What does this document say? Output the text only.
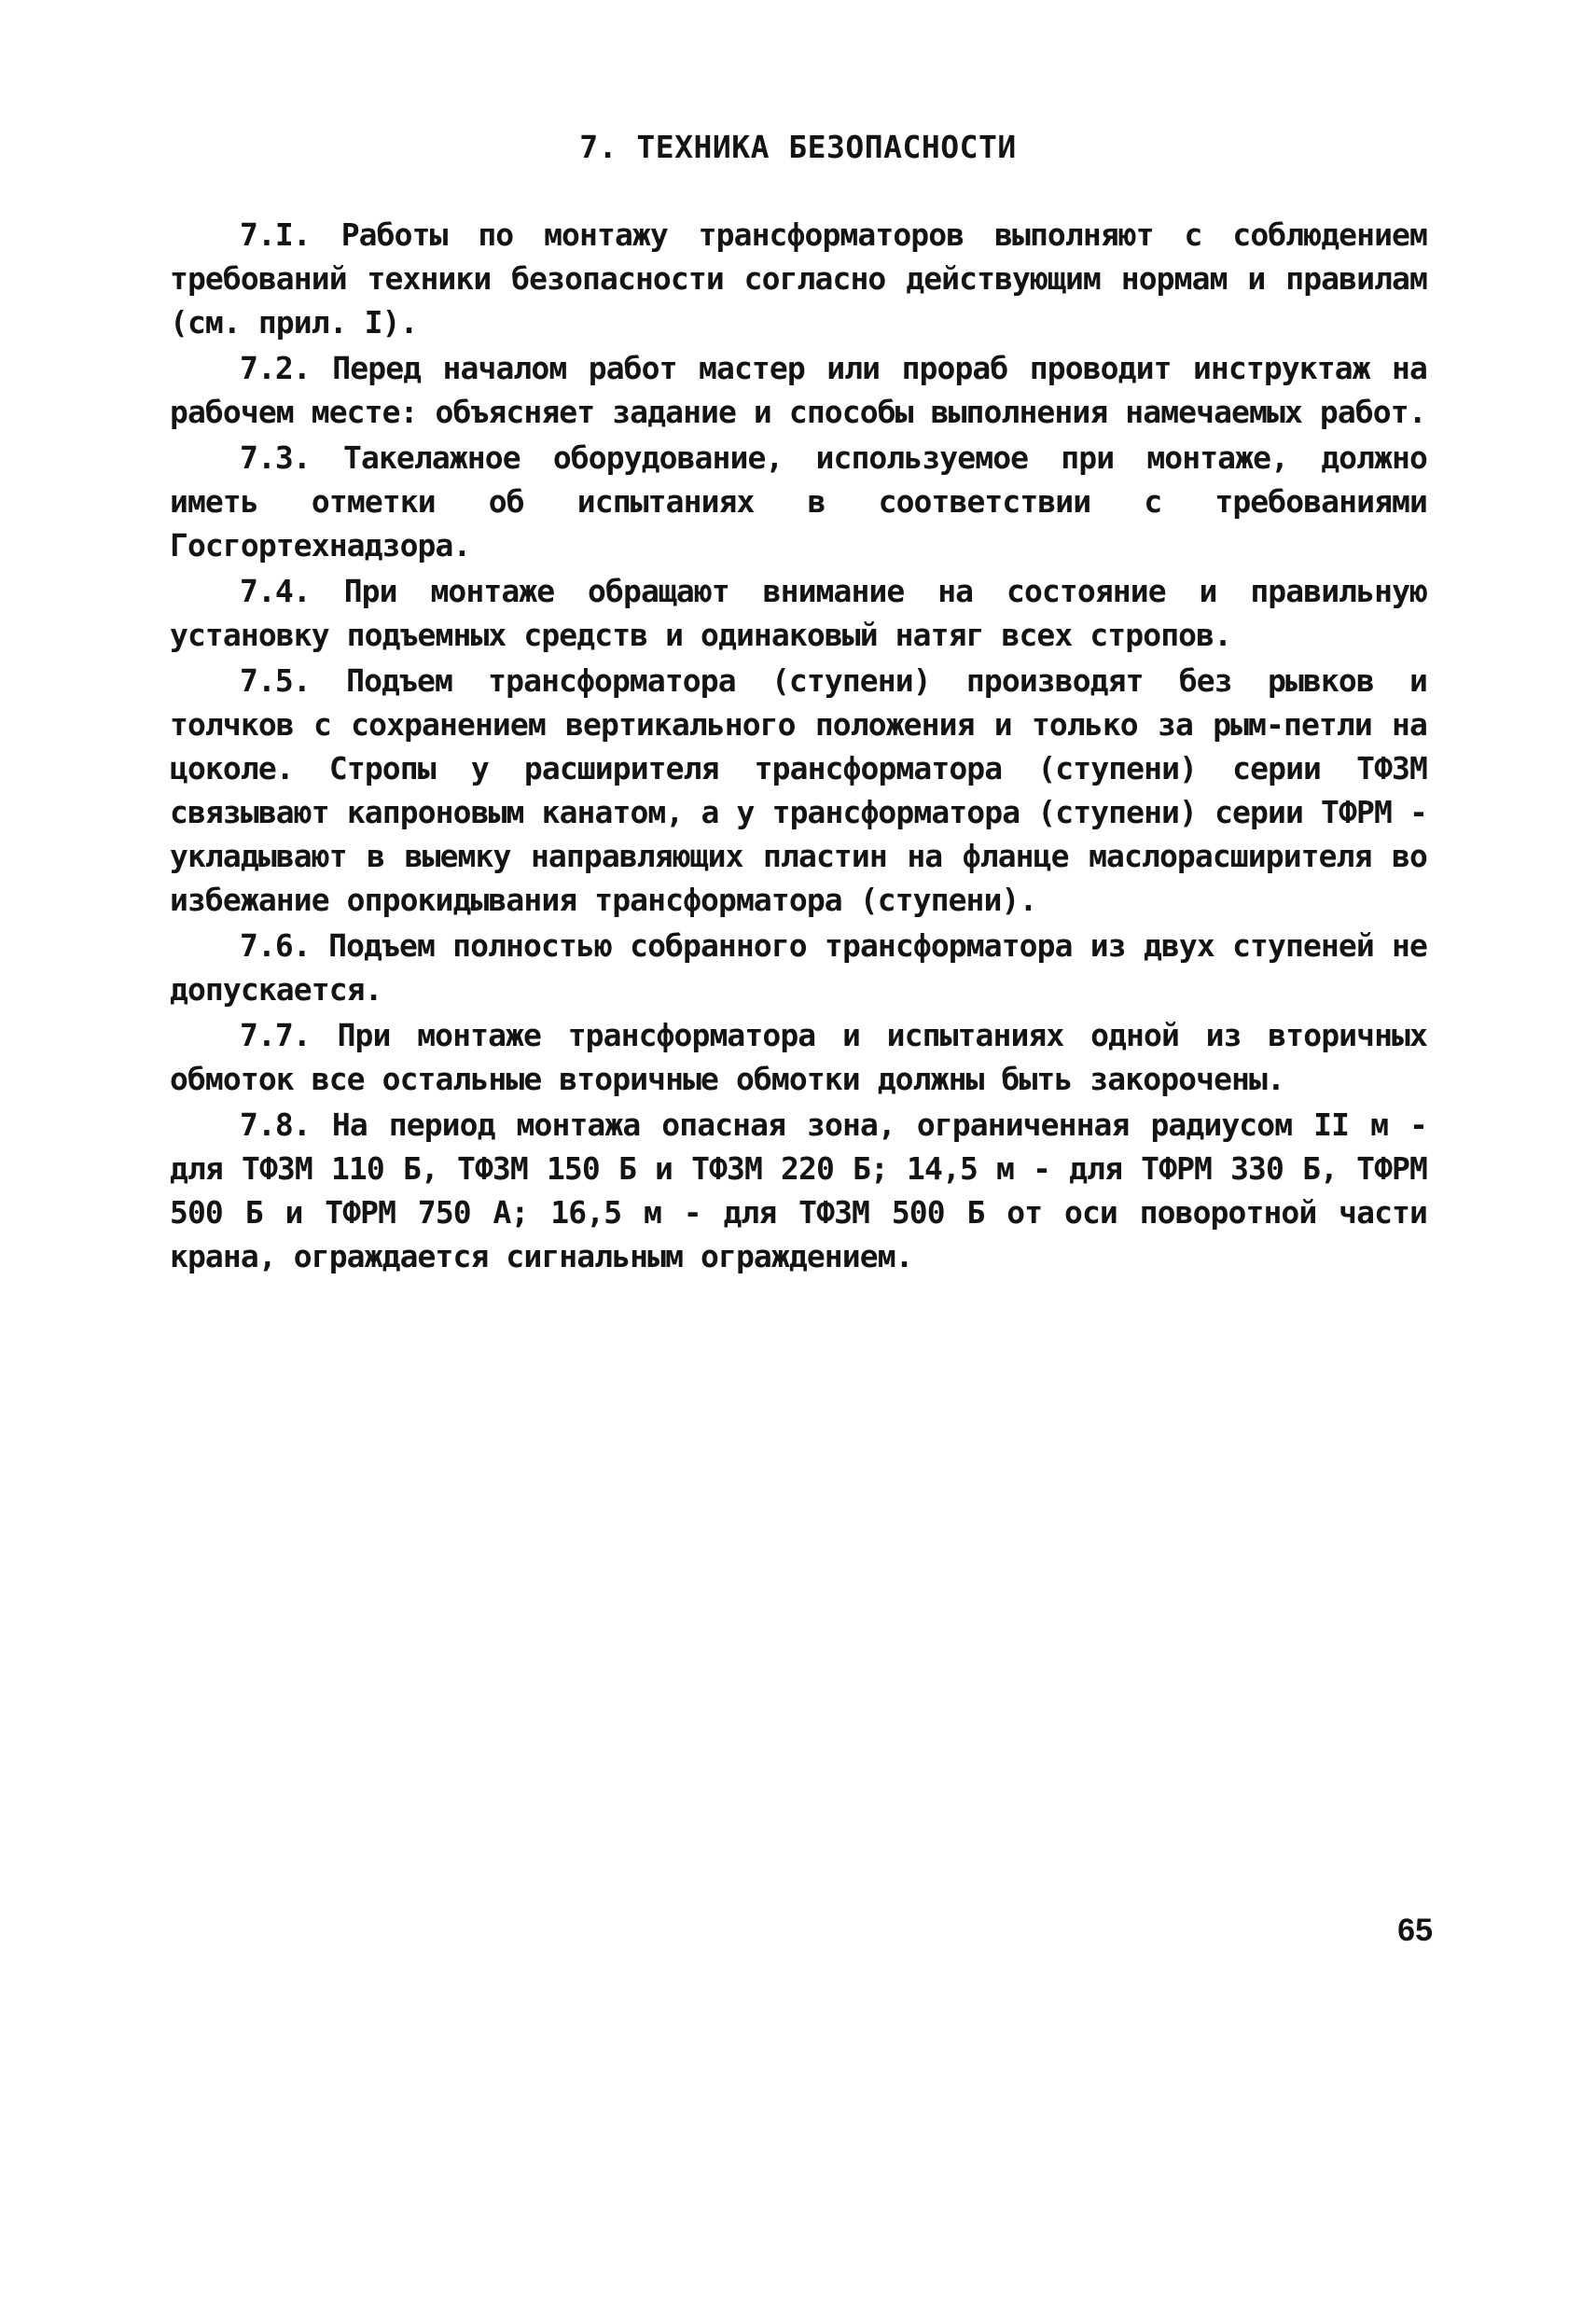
7. ТЕХНИКА БЕЗОПАСНОСТИ

7.I. Работы по монтажу трансформаторов выполняют с соблюдением требований техники безопасности согласно действующим нормам и правилам (см. прил. I).

7.2. Перед началом работ мастер или прораб проводит инструктаж на рабочем месте: объясняет задание и способы выполнения намечаемых работ.

7.3. Такелажное оборудование, используемое при монтаже, должно иметь отметки об испытаниях в соответствии с требованиями Госгортехнадзора.

7.4. При монтаже обращают внимание на состояние и правильную установку подъемных средств и одинаковый натяг всех стропов.

7.5. Подъем трансформатора (ступени) производят без рывков и толчков с сохранением вертикального положения и только за рым-петли на цоколе. Стропы у расширителя трансформатора (ступени) серии ТФЗМ связывают капроновым канатом, а у трансформатора (ступени) серии ТФРМ - укладывают в выемку направляющих пластин на фланце маслорасширителя во избежание опрокидывания трансформатора (ступени).

7.6. Подъем полностью собранного трансформатора из двух ступеней не допускается.

7.7. При монтаже трансформатора и испытаниях одной из вторичных обмоток все остальные вторичные обмотки должны быть закорочены.

7.8. На период монтажа опасная зона, ограниченная радиусом II м - для ТФЗМ 110 Б, ТФЗМ 150 Б и ТФЗМ 220 Б; 14,5 м - для ТФРМ 330 Б, ТФРМ 500 Б и ТФРМ 750 А; 16,5 м - для ТФЗМ 500 Б от оси поворотной части крана, ограждается сигнальным ограждением.

65
